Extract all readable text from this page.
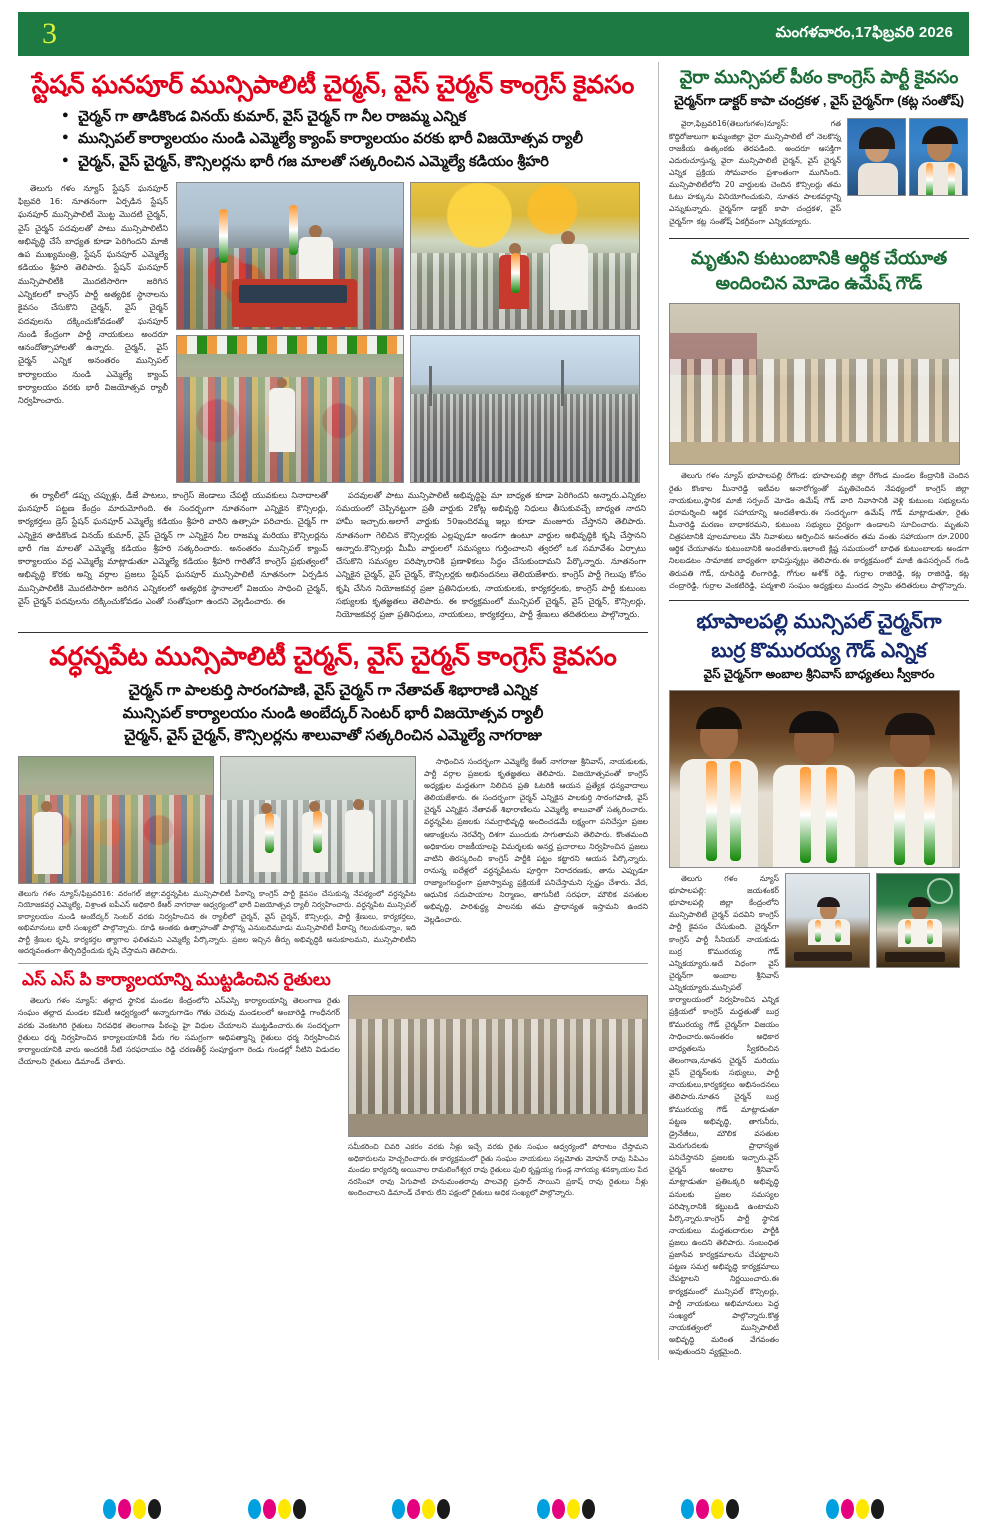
3	మంగళవారం,17ఫిబ్రవరి 2026
స్టేషన్ ఘనపూర్ మున్సిపాలిటీ చైర్మన్, వైస్ చైర్మన్ కాంగ్రెస్ కైవసం
● చైర్మన్ గా తాడికొండ వినయ్ కుమార్, వైస్ చైర్మన్ గా నీల రాజమ్మ ఎన్నిక
● మున్సిపల్ కార్యాలయం నుండి ఎమ్మెల్యే క్యాంప్ కార్యాలయం వరకు భారీ విజయోత్సవ ర్యాలీ
● చైర్మన్, వైస్ చైర్మన్, కౌన్సిలర్లను భారీ గజ మాలతో సత్కరించిన ఎమ్మెల్యే కడియం శ్రీహరి

తెలుగు గళం న్యూస్ స్టేషన్ ఘనపూర్ ఫిబ్రవరి 16: నూతనంగా ఏర్పడిన స్టేషన్ ఘనపూర్ మున్సిపాలిటీ మొట్ట మొదటి చైర్మన్, వైస్ చైర్మన్ పదవులతో పాటు మున్సిపాలిటీని అభివృద్ధి చేసే బాధ్యత కూడా పెరిగిందని మాజీ ఉప ముఖ్యమంత్రి, స్టేషన్ ఘనపూర్ ఎమ్మెల్యే కడియం శ్రీహరి తెలిపారు. స్టేషన్ ఘనపూర్ మున్సిపాలిటీకి మొదటిసారిగా జరిగిన ఎన్నికలలో కాంగ్రెస్ పార్టీ అత్యధిక స్థానాలను కైవసం చేసుకొని చైర్మన్, వైస్ చైర్మన్ పదవులను దక్కించుకోవడంతో ఘనపూర్ నుండి కేంద్రంగా పార్టీ నాయకులు అందరూ ఆనందోత్సాహాలతో ఉన్నారు. చైర్మన్, వైస్ చైర్మన్ ఎన్నిక అనంతరం మున్సిపల్ కార్యాలయం నుండి ఎమ్మెల్యే క్యాంప్ కార్యాలయం వరకు భారీ విజయోత్సవ ర్యాలీ నిర్వహించారు.

ఈ ర్యాలీలో డప్పు చప్పుళ్లు, డీజే పాటలు, కాంగ్రెస్ జెండాలు చేపట్టి యువకులు నినాదాలతో ఘనపూర్ పట్టణ కేంద్రం మారుమోగింది. ఈ సందర్భంగా నూతనంగా ఎన్నికైన కౌన్సిలర్లు, కార్యకర్తలు డ్రెస్ స్టేషన్ ఘనపూర్ ఎమ్మెల్యే కడియం శ్రీహరి వారిని ఉత్సాహ పరిచారు. చైర్మన్ గా ఎన్నికైన తాడికొండ వినయ్ కుమార్, వైస్ చైర్మన్ గా ఎన్నికైన నీల రాజమ్మ మరియు కౌన్సిలర్లను భారీ గజ మాలతో ఎమ్మెల్యే కడియం శ్రీహరి సత్కరించారు. అనంతరం మున్సిపల్ క్యాంప్ కార్యాలయం వద్ద ఎమ్మెల్యే మాట్లాడుతూ ఎమ్మెల్యే కడియం శ్రీహరి గారితోనే కాంగ్రెస్ ప్రభుత్వంలో అభివృద్ధి కొరకు అన్ని వర్గాల ప్రజలు స్టేషన్ ఘనపూర్ మున్సిపాలిటీ నూతనంగా ఏర్పడిన మున్సిపాలిటీకి మొదటిసారిగా జరిగిన ఎన్నికలలో అత్యధిక స్థానాలలో విజయం సాధించి చైర్మన్, వైస్ చైర్మన్ పదవులను దక్కించుకోవడం ఎంతో సంతోషంగా ఉందని వెల్లడించారు. ఈ

పదవులతో పాటు మున్సిపాలిటీ అభివృద్ధిపై మా బాధ్యత కూడా పెరిగిందని అన్నారు.ఎన్నికల సమయంలో చెప్పినట్టుగా ప్రతీ వార్డుకు 2కోట్ల అభివృద్ధి నిధులు తీసుకువచ్చే బాధ్యత నాదని హామీ ఇచ్చారు.అలాగే వార్డుకు 50ఇందిరమ్మ ఇల్లు కూడా మంజూరు చేస్తానని తెలిపారు. నూతనంగా గెలిచిన కౌన్సిలర్లకు ఎల్లప్పుడూ అండగా ఉంటూ వార్డుల అభివృద్ధికి కృషి చేస్తానని అన్నారు.కౌన్సిలర్లు మీమీ వార్డులలో సమస్యలు గుర్తించాలని త్వరలో ఒక సమావేశం ఏర్పాటు చేసుకొని సమస్యల పరిష్కారానికి ప్రణాళికలు సిద్ధం చేసుకుందామని పేర్కొన్నారు. నూతనంగా ఎన్నికైన చైర్మన్, వైస్ చైర్మన్, కౌన్సిలర్లకు అభినందనలు తెలియజేశారు. కాంగ్రెస్ పార్టీ గెలుపు కోసం కృషి చేసిన నియోజకవర్గ ప్రజా ప్రతినిధులకు, నాయకులకు, కార్యకర్తలకు, కాంగ్రెస్ పార్టీ కుటుంబ సభ్యులకు కృతజ్ఞతలు తెలిపారు. ఈ కార్యక్రమంలో మున్సిపల్ చైర్మన్, వైస్ చైర్మన్, కౌన్సిలర్లు, నియోజకవర్గ ప్రజా ప్రతినిధులు, నాయకులు, కార్యకర్తలు, పార్టీ శ్రేణులు తదితరులు పాల్గొన్నారు.

వర్ధన్నపేట మున్సిపాలిటీ చైర్మన్, వైస్ చైర్మన్ కాంగ్రెస్ కైవసం
చైర్మన్ గా పాలకుర్తి సారంగపాణి, వైస్ చైర్మన్ గా నేతావత్ శిభారాణి ఎన్నిక
మున్సిపల్ కార్యాలయం నుండి అంబేద్కర్ సెంటర్ భారీ విజయోత్సవ ర్యాలీ
చైర్మన్, వైస్ చైర్మన్, కౌన్సిలర్లను శాలువాతో సత్కరించిన ఎమ్మెల్యే నాగరాజు
తెలుగు గళం న్యూస్/ఫిబ్రవరి16: వరంగల్ జిల్లా:వర్ధన్నపేట మున్సిపాలిటీ పీఠాన్ని కాంగ్రెస్ పార్టీ కైవసం చేసుకున్న నేపథ్యంలో వర్ధన్నపేట నియోజకవర్గ ఎమ్మెల్యే, విశ్రాంత ఐపీఎస్ అధికారి కేఆర్ నాగరాజు ఆధ్వర్యంలో భారీ విజయోత్సవ ర్యాలీ నిర్వహించారు. వర్ధన్నపేట మున్సిపల్ కార్యాలయం నుండి అంబేద్కర్ సెంటర్ వరకు నిర్వహించిన ఈ ర్యాలీలో చైర్మన్, వైస్ చైర్మన్, కౌన్సిలర్లు, పార్టీ శ్రేణులు, కార్యకర్తలు, అభిమానులు భారీ సంఖ్యలో పాల్గొన్నారు. రూఢి అంతకు ఉత్సాహంతో పాల్గొన్న ఎనుబదిమూడు మున్సిపాలిటీ పీఠాన్ని గెలుచుకున్నాం, ఇది పార్టీ శ్రేణుల కృషి, కార్యకర్తల త్యాగాల ఫలితమని ఎమ్మెల్యే పేర్కొన్నారు. ప్రజల ఇచ్చిన తీర్పు అభివృద్ధికి అనుకూలమని, మున్సిపాలిటీని ఆదర్శవంతంగా తీర్చిదిద్దేందుకు కృషి చేస్తామని తెలిపారు.

సాధించిన సందర్భంగా ఎమ్మెల్యే కేఆర్ నాగరాజు శ్రీనివాస్, నాయకులకు, పార్టీ వర్గాల ప్రజలకు కృతజ్ఞతలు తెలిపారు. విజయోత్సవంతో కాంగ్రెస్ అధ్యక్షుల మద్దతుగా నిలిచిన ప్రతి ఓటరికి ఆయన ప్రత్యేక ధన్యవాదాలు తెలియజేశారు. ఈ సందర్భంగా చైర్మన్ ఎన్నికైన పాలకుర్తి సారంగపాణి, వైస్ చైర్మన్ ఎన్నికైన నేతావత్ శిభారాణిలను ఎమ్మెల్యే శాలువాతో సత్కరించారు. వర్ధన్నపేట ప్రజలకు సమగ్రాభివృద్ధి అందించడమే లక్ష్యంగా పనిచేస్తూ ప్రజల ఆకాంక్షలను నెరవేర్చి దిశగా ముందుకు సాగుతామని తెలిపారు. కొంతమంది అధికారుల రాజకీయాలపై విమర్శలకు అనర్హ ప్రచారాలు నిర్వహించిన ప్రజలు వాటిని తిరస్కరించి కాంగ్రెస్ పార్టీకి పట్టం కట్టారని ఆయన పేర్కొన్నారు. రానున్న ఐదేళ్లలో వర్ధన్నపేటను పూర్తిగా నిరాదరణకు, తాను ఎప్పుడూ రాజ్యాంగబద్ధంగా ప్రజాస్వామ్య ప్రక్రియకే పనిచేస్తామని స్పష్టం చేశారు. వేద, ఆధునిక సదుపాయాల నిర్మాణం, తాగునీటి సరఫరా, మౌలిక వసతుల అభివృద్ధి, పారిశుద్ధ్య పాలనకు తమ ప్రాధాన్యత ఇస్తామని ఉందని వెల్లడించారు.

ఎస్ ఎస్ పి కార్యాలయాన్ని ముట్టడించిన రైతులు

తెలుగు గళం న్యూస్: తల్లాద స్థానిక మండల కేంద్రంలోని ఎస్ఎస్పి కార్యాలయాన్ని తెలంగాణ రైతు సంఘం తల్లాద మండల కమిటీ ఆధ్వర్యంలో అన్నారుగాడెం గౌతు చెరువు మండలంలో అంబారెడ్డి గాంధీనగర్ వరకు వెంకటగిరి రైతులు నిరవధిక తెలంగాణ పీఠంపై హై విధుల చేయాలని ముట్టడించారు.ఈ సందర్భంగా రైతులు ధర్మ నిర్వహించిన కార్యాలయానికి పేరు గల సమగ్రంగా ఆధిపత్యాన్ని రైతులు ధర్మ నిర్వహించిన కార్యాలయానికి వారు అందరికీ నీటి సరఫరాయం రెడ్డి చరణతీర్థ్ సంపూర్ణంగా రెండు గుండల్లో నీటిని విడుదల చేయాలని రైతులు డిమాండ్ చేశారు.

సమీకరించి చివరి ఎకరం వరకు నీళ్లు ఇచ్చే వరకు రైతు సంఘం ఆధ్వర్యంలో పోరాటం చేస్తామని అధికారులను హెచ్చరించారు.ఈ కార్యక్రమంలో రైతు సంఘం నాయకులు సల్లమోతు మోహన్ రావు సిపిఎం మండల కార్యదర్శి అయినాల రామలింగేశ్వర రావు రైతులు ఫులి కృష్ణయ్య గుండ్ల నాగయ్య శనక్కాయల పేద నరసింహా రావు ఏగుపాటి హనుమంతరావు పాలవెల్లి ప్రసాద్ సాయిని ప్రకాష్ రావు రైతులు నీళ్లు అందించాలని డిమాండ్ చేశారు లేని పక్షంలో రైతులు అధిక సంఖ్యలో పాల్గొన్నారు.
వైరా మున్సిపల్ పీఠం కాంగ్రెస్ పార్టీ కైవసం
చైర్మన్‌గా డాక్టర్ కాపా చంద్రకళ , వైస్ చైర్మన్‌గా (కట్ల సంతోష్)

వైరా,ఫిబ్రవరి16(తెలుగుగళం)న్యూస్: గత కొద్దిరోజులుగా ఖమ్మంజిల్లా వైరా మున్సిపాలిటీ లో నెలకొన్న రాజకీయ ఉత్కంఠకు తెరపడింది. అందరూ ఆసక్తిగా ఎదురుచూస్తున్న వైరా మున్సిపాలిటీ చైర్మన్, వైస్ చైర్మన్ ఎన్నిక ప్రక్రియ సోమవారం ప్రశాంతంగా ముగిసింది. మున్సిపాలిటీలోని 20 వార్డులకు చెందిన కౌన్సిలర్లు తమ ఓటు హక్కును వినియోగించుకుని, నూతన పాలకవర్గాన్ని ఎన్నుకున్నారు. చైర్మన్‌గా డాక్టర్ కాపా చంద్రకళ, వైస్ చైర్మన్‌గా కట్ల సంతోష్ ఏకగ్రీవంగా ఎన్నికయ్యారు.

మృతుని కుటుంబానికి ఆర్థిక చేయూత
అందించిన మోడెం ఉమేష్ గౌడ్

తెలుగు గళం న్యూస్ భూపాలపల్లి రేగొండ: భూపాలపల్లి జిల్లా రేగొండ మండల కేంద్రానికి చెందిన రైతు కొంకాల మీనారెడ్డి ఇటీవల అనారోగ్యంతో మృతిచెందిన నేపథ్యంలో కాంగ్రెస్ జిల్లా నాయకులు,స్థానిక మాజీ సర్పంచ్ మోడెం ఉమేష్ గౌడ్ వారి నివాసానికి వెళ్లి కుటుంబ సభ్యులను పరామర్శించి ఆర్థిక సహాయాన్ని అందజేశారు.ఈ సందర్భంగా ఉమేష్ గౌడ్ మాట్లాడుతూ, రైతు మీనారెడ్డి మరణం బాధాకరమని, కుటుంబ సభ్యులు ధైర్యంగా ఉండాలని సూచించారు. మృతుని చిత్రపటానికి పూలమాలలు వేసి నివాళులు అర్పించిన అనంతరం తమ వంతు సహాయంగా రూ.2000 ఆర్థిక చేయూతను కుటుంబానికి అందజేశారు.ఇలాంటి క్లిష్ట సమయంలో బాధిత కుటుంబాలకు అండగా నిలబడటం సామాజిక బాధ్యతగా భావిస్తున్నట్లు తెలిపారు.ఈ కార్యక్రమంలో మాజీ ఉపసర్పంచ్ గండి తిరుపతి గౌడ్, రూపిరెడ్డి లింగారెడ్డి, గోగుల అశోక్ రెడ్డి, గుర్రాల రాజిరెడ్డి, కట్ల రాజిరెడ్డి, కట్ల చంద్రారెడ్డి, గుర్రాల వెంకటిరెడ్డి, పద్మశాలి సంఘం అధ్యక్షులు మందడ స్వామి తదితరులు పాల్గొన్నారు.

భూపాలపల్లి మున్సిపల్ చైర్మన్‌గా
బుర్ర కొముర‌య్య గౌడ్ ఎన్నిక
వైస్ చైర్మన్‌గా అంబాల శ్రీనివాస్ బాధ్యతలు స్వీకారం

తెలుగు గళం న్యూస్ భూపాలపల్లి: జయశంకర్ భూపాలపల్లి జిల్లా కేంద్రంలోని మున్సిపాలిటీ చైర్మన్ పదవిని కాంగ్రెస్ పార్టీ కైవసం చేసుకుంది. చైర్మన్‌గా కాంగ్రెస్ పార్టీ సీనియర్ నాయకుడు బుర్ర కొముర‌య్య గౌడ్ ఎన్నికయ్యారు.అదే విధంగా వైస్ చైర్మన్‌గా అంబాల శ్రీనివాస్ ఎన్నికయ్యారు.మున్సిపల్ కార్యాలయంలో నిర్వహించిన ఎన్నిక ప్రక్రియలో కాంగ్రెస్ మద్దతుతో బుర్ర కొముర‌య్య గౌడ్ చైర్మన్‌గా విజయం సాధించారు.అనంతరం అధికార బాధ్యతలను స్వీకరించిన తెలంగాణ,నూతన చైర్మన్ మరియు వైస్ చైర్మన్‌లకు సభ్యులు, పార్టీ నాయకులు,కార్యకర్తలు అభినందనలు తెలిపారు.నూతన చైర్మన్ బుర్ర కొముర‌య్య గౌడ్ మాట్లాడుతూ పట్టణ అభివృద్ధి, తాగునీరు, డ్రైనేజీలు, మౌలిక వసతుల మెరుగుదలకు ప్రాధాన్యత పనిచేస్తానని ప్రజలకు ఇచ్చారు.వైస్ చైర్మన్ అంబాల శ్రీనివాస్ మాట్లాడుతూ ప్రతిఒక్కరి అభివృద్ధి పనులకు ప్రజల సమస్యల పరిష్కారానికి కట్టుబడి ఉంటామని పేర్కొన్నారు.కాంగ్రెస్ పార్టీ స్థానిక నాయకులు మద్దతుదారుల పార్టీకి ప్రజలు ఉందని తెలిపారు. సంబంధిత ప్రజాసేవ కార్యక్రమాలను చేపట్టాలని పట్టణ సమగ్ర అభివృద్ధి కార్యక్రమాలు చేపట్టాలని నిర్ణయించారు.ఈ కార్యక్రమంలో మున్సిపల్ కౌన్సిలర్లు, పార్టీ నాయకులు అభిమానులు పెద్ద సంఖ్యలో పాల్గొన్నారు.కొత్త నాయకత్వంలో మున్సిపాలిటీ అభివృద్ధి మరింత వేగవంతం అవుతుందని వ్యక్తమైంది.
